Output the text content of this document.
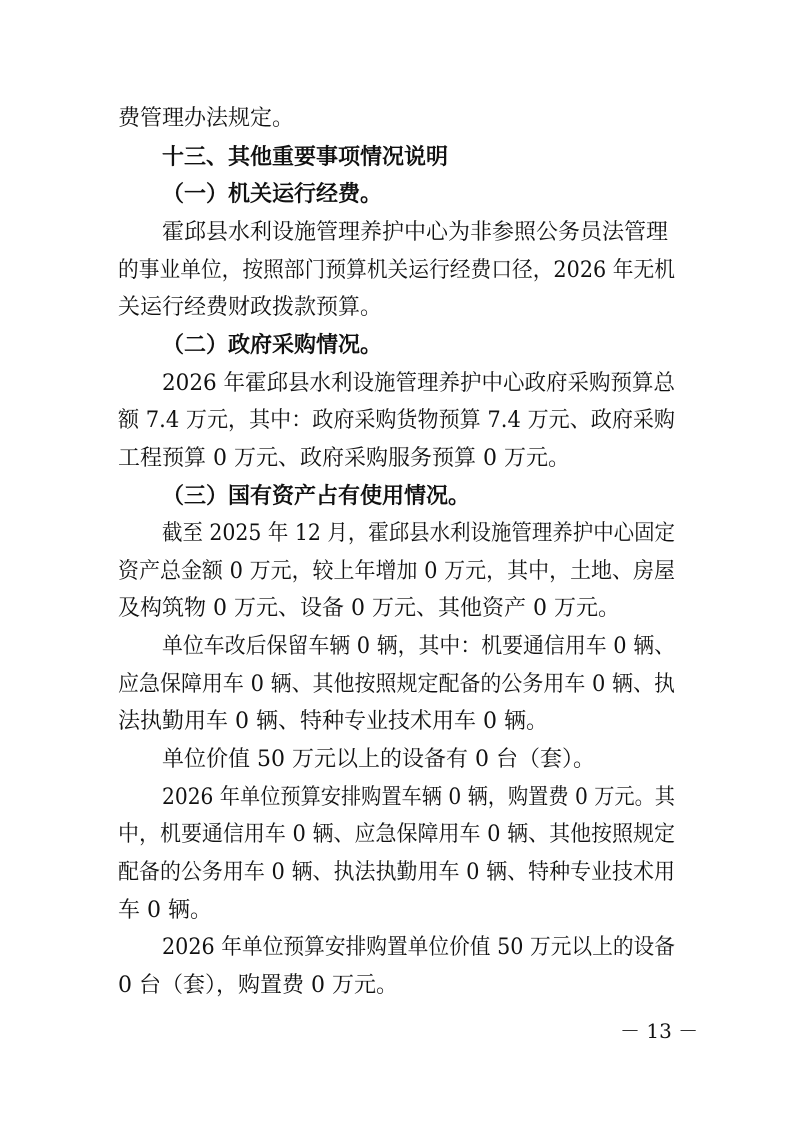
费管理办法规定。
十三、其他重要事项情况说明
（一）机关运行经费。
霍邱县水利设施管理养护中心为非参照公务员法管理
的事业单位，按照部门预算机关运行经费口径，2026 年无机
关运行经费财政拨款预算。
（二）政府采购情况。
2026 年霍邱县水利设施管理养护中心政府采购预算总
额 7.4 万元，其中：政府采购货物预算 7.4 万元、政府采购
工程预算 0 万元、政府采购服务预算 0 万元。
（三）国有资产占有使用情况。
截至 2025 年 12 月，霍邱县水利设施管理养护中心固定
资产总金额 0 万元，较上年增加 0 万元，其中，土地、房屋
及构筑物 0 万元、设备 0 万元、其他资产 0 万元。
单位车改后保留车辆 0 辆，其中：机要通信用车 0 辆、
应急保障用车 0 辆、其他按照规定配备的公务用车 0 辆、执
法执勤用车 0 辆、特种专业技术用车 0 辆。
单位价值 50 万元以上的设备有 0 台（套）。
2026 年单位预算安排购置车辆 0 辆，购置费 0 万元。其
中，机要通信用车 0 辆、应急保障用车 0 辆、其他按照规定
配备的公务用车 0 辆、执法执勤用车 0 辆、特种专业技术用
车 0 辆。
2026 年单位预算安排购置单位价值 50 万元以上的设备
0 台（套），购置费 0 万元。
－ 13 －
